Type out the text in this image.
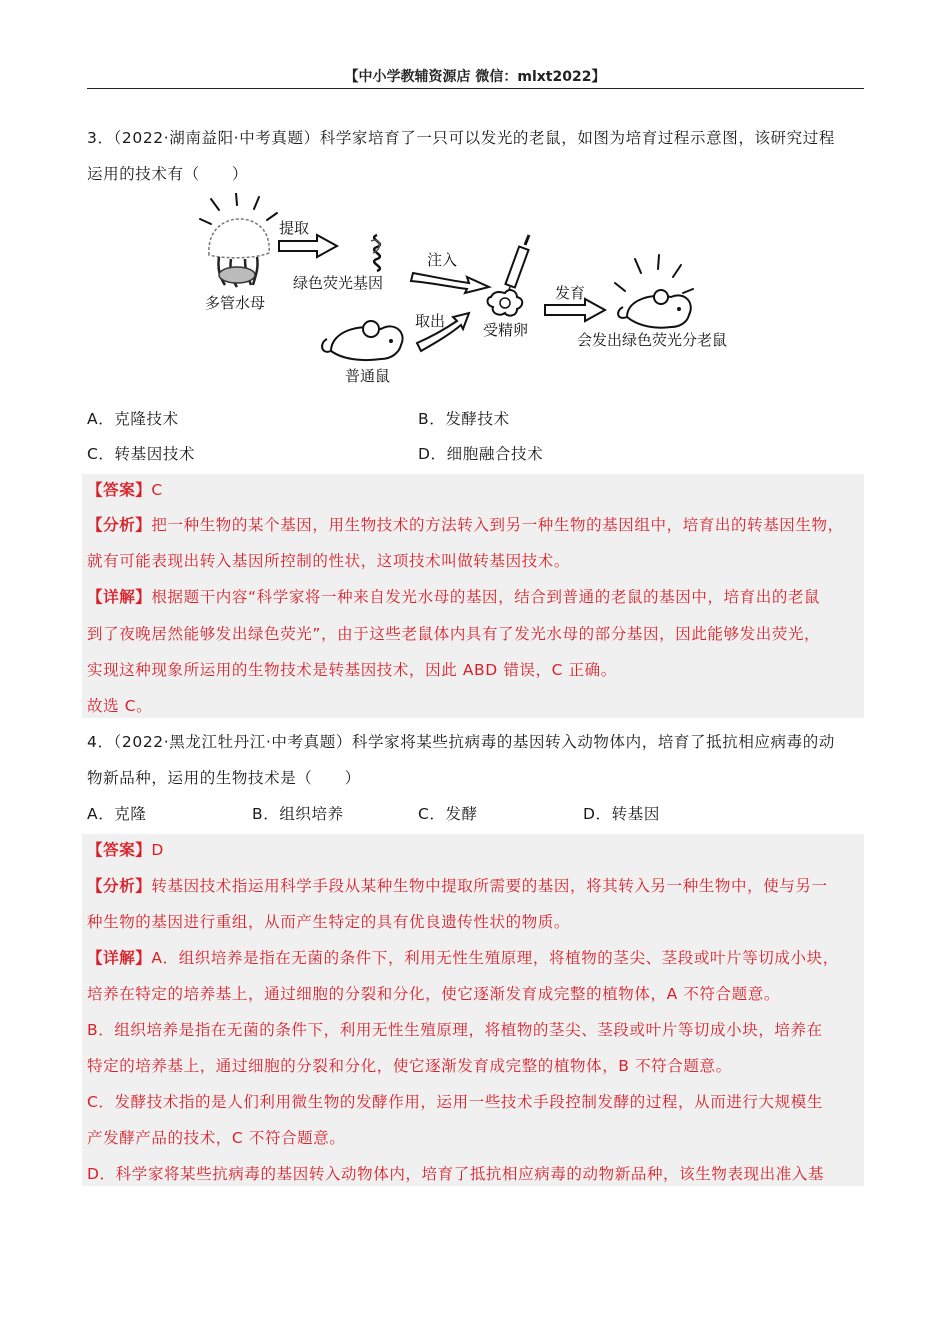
【中小学教辅资源店 微信：mlxt2022】
3．（2022·湖南益阳·中考真题）科学家培育了一只可以发光的老鼠，如图为培育过程示意图，该研究过程
运用的技术有（　　）
多管水母
提取
绿色荧光基因
注入
受精卵
取出
普通鼠
发育
会发出绿色荧光分老鼠
A．克隆技术	B．发酵技术
C．转基因技术	D．细胞融合技术
【答案】C
【分析】把一种生物的某个基因，用生物技术的方法转入到另一种生物的基因组中，培育出的转基因生物，
就有可能表现出转入基因所控制的性状，这项技术叫做转基因技术。
【详解】根据题干内容“科学家将一种来自发光水母的基因，结合到普通的老鼠的基因中，培育出的老鼠
到了夜晚居然能够发出绿色荧光”，由于这些老鼠体内具有了发光水母的部分基因，因此能够发出荧光，
实现这种现象所运用的生物技术是转基因技术，因此 ABD 错误，C 正确。
故选 C。
4．（2022·黑龙江牡丹江·中考真题）科学家将某些抗病毒的基因转入动物体内，培育了抵抗相应病毒的动
物新品种，运用的生物技术是（　　）
A．克隆	B．组织培养	C．发酵	D．转基因
【答案】D
【分析】转基因技术指运用科学手段从某种生物中提取所需要的基因，将其转入另一种生物中，使与另一
种生物的基因进行重组，从而产生特定的具有优良遗传性状的物质。
【详解】A．组织培养是指在无菌的条件下，利用无性生殖原理，将植物的茎尖、茎段或叶片等切成小块，
培养在特定的培养基上，通过细胞的分裂和分化，使它逐渐发育成完整的植物体，A 不符合题意。
B．组织培养是指在无菌的条件下，利用无性生殖原理，将植物的茎尖、茎段或叶片等切成小块，培养在
特定的培养基上，通过细胞的分裂和分化，使它逐渐发育成完整的植物体，B 不符合题意。
C．发酵技术指的是人们利用微生物的发酵作用，运用一些技术手段控制发酵的过程，从而进行大规模生
产发酵产品的技术，C 不符合题意。
D．科学家将某些抗病毒的基因转入动物体内，培育了抵抗相应病毒的动物新品种，该生物表现出准入基
